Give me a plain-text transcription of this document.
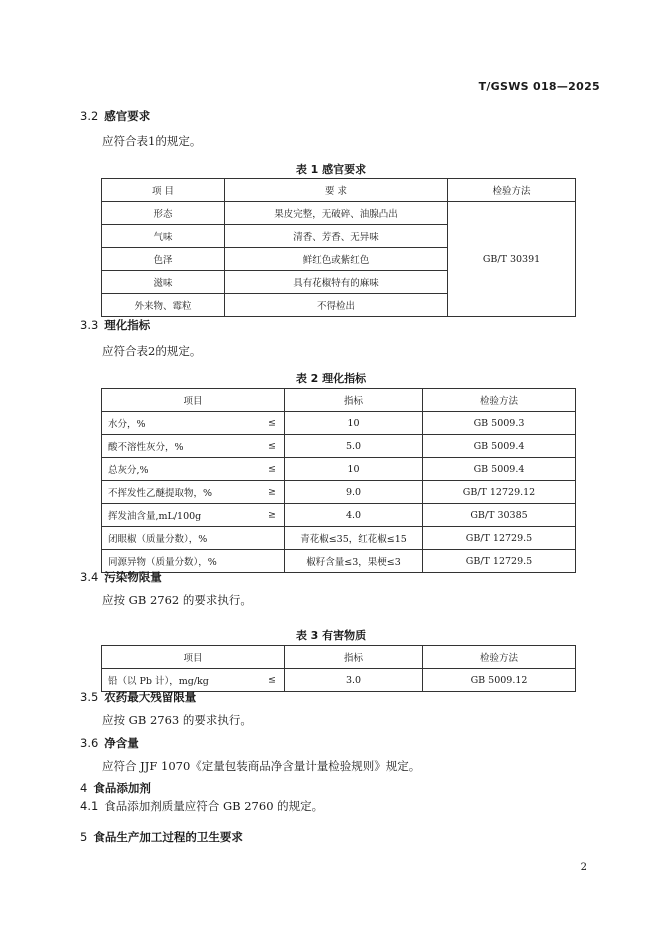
T/GSWS 018—2025
3.2 感官要求
应符合表1的规定。
表 1 感官要求
项 目	要 求	检验方法
形态	果皮完整，无破碎、油腺凸出	GB/T 30391
气味	清香、芳香、无异味	
色泽	鲜红色或紫红色	
滋味	具有花椒特有的麻味	
外来物、霉粒	不得检出	
3.3 理化指标
应符合表2的规定。
表 2 理化指标
项目	指标	检验方法
水分，% ≤	10	GB 5009.3
酸不溶性灰分，% ≤	5.0	GB 5009.4
总灰分,% ≤	10	GB 5009.4
不挥发性乙醚提取物，% ≥	9.0	GB/T 12729.12
挥发油含量,mL/100g ≥	4.0	GB/T 30385
闭眼椒（质量分数），%	青花椒≤35，红花椒≤15	GB/T 12729.5
同源异物（质量分数），%	椒籽含量≤3，果梗≤3	GB/T 12729.5
3.4 污染物限量
应按 GB 2762 的要求执行。
表 3 有害物质
项目	指标	检验方法
铅（以 Pb 计），mg/kg ≤	3.0	GB 5009.12
3.5 农药最大残留限量
应按 GB 2763 的要求执行。
3.6 净含量
应符合 JJF 1070《定量包装商品净含量计量检验规则》规定。
4 食品添加剂
4.1 食品添加剂质量应符合 GB 2760 的规定。
5 食品生产加工过程的卫生要求
2
